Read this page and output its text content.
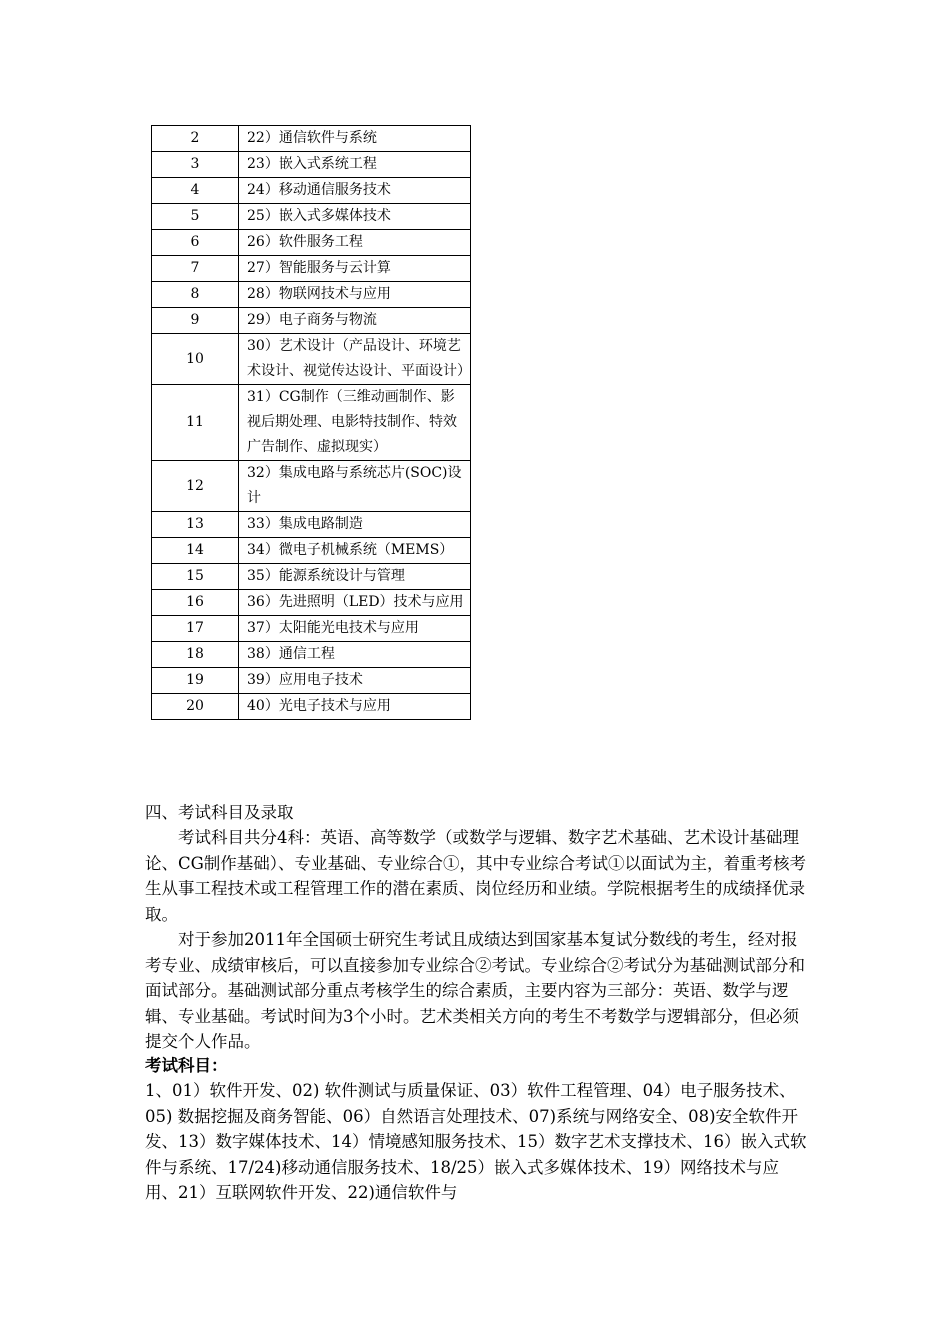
2	22）通信软件与系统
3	23）嵌入式系统工程
4	24）移动通信服务技术
5	25）嵌入式多媒体技术
6	26）软件服务工程
7	27）智能服务与云计算
8	28）物联网技术与应用
9	29）电子商务与物流
10	30）艺术设计（产品设计、环境艺术设计、视觉传达设计、平面设计）
11	31）CG制作（三维动画制作、影视后期处理、电影特技制作、特效广告制作、虚拟现实）
12	32）集成电路与系统芯片(SOC)设计
13	33）集成电路制造
14	34）微电子机械系统（MEMS）
15	35）能源系统设计与管理
16	36）先进照明（LED）技术与应用
17	37）太阳能光电技术与应用
18	38）通信工程
19	39）应用电子技术
20	40）光电子技术与应用
四、考试科目及录取

考试科目共分4科：英语、高等数学（或数学与逻辑、数字艺术基础、艺术设计基础理论、CG制作基础）、专业基础、专业综合①，其中专业综合考试①以面试为主，着重考核考生从事工程技术或工程管理工作的潜在素质、岗位经历和业绩。学院根据考生的成绩择优录取。

对于参加2011年全国硕士研究生考试且成绩达到国家基本复试分数线的考生，经对报考专业、成绩审核后，可以直接参加专业综合②考试。专业综合②考试分为基础测试部分和面试部分。基础测试部分重点考核学生的综合素质，主要内容为三部分：英语、数学与逻辑、专业基础。考试时间为3个小时。艺术类相关方向的考生不考数学与逻辑部分，但必须提交个人作品。

考试科目：
1、01）软件开发、02) 软件测试与质量保证、03）软件工程管理、04）电子服务技术、05) 数据挖掘及商务智能、06）自然语言处理技术、07)系统与网络安全、08)安全软件开发、13）数字媒体技术、14）情境感知服务技术、15）数字艺术支撑技术、16）嵌入式软件与系统、17/24)移动通信服务技术、18/25）嵌入式多媒体技术、19）网络技术与应用、21）互联网软件开发、22)通信软件与
